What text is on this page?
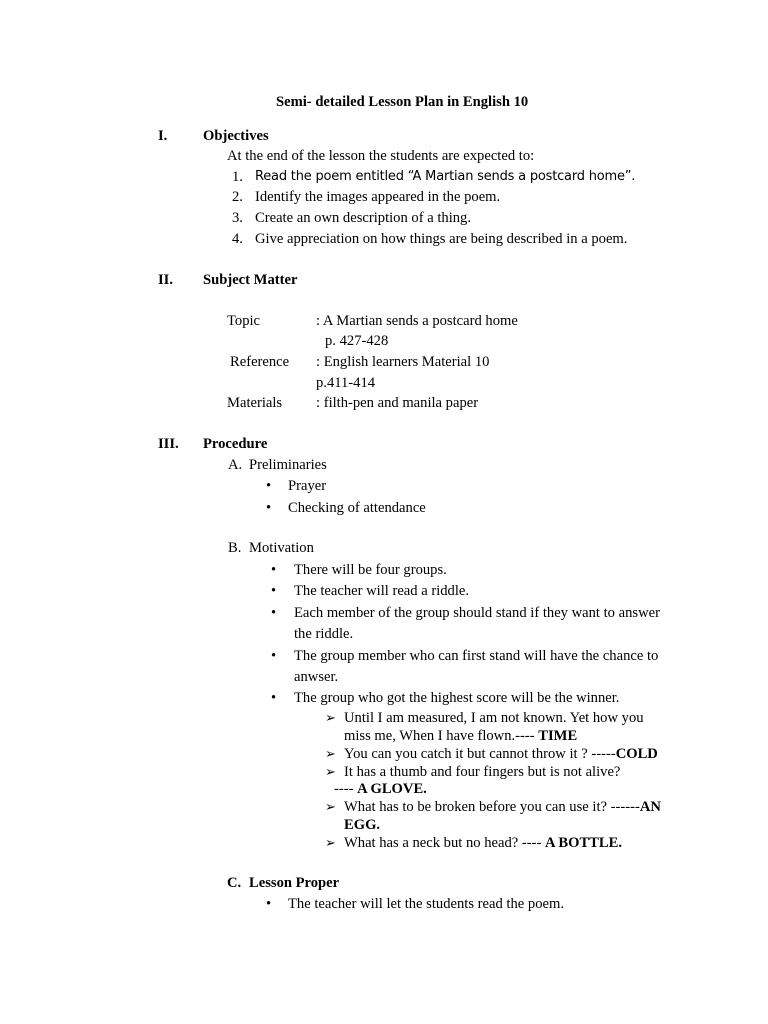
Semi- detailed Lesson Plan in English 10
I. Objectives
At the end of the lesson the students are expected to:
1. Read the poem entitled “A Martian sends a postcard home”.
2. Identify the images appeared in the poem.
3. Create an own description of a thing.
4. Give appreciation on how things are being described in a poem.
II. Subject Matter
Topic	: A Martian sends a postcard home
p. 427-428
Reference : English learners Material 10
p.411-414
Materials : filth-pen and manila paper
III. Procedure
A. Preliminaries
• Prayer
• Checking of attendance
B. Motivation
• There will be four groups.
• The teacher will read a riddle.
• Each member of the group should stand if they want to answer
the riddle.
• The group member who can first stand will have the chance to
anwser.
• The group who got the highest score will be the winner.
➢ Until I am measured, I am not known. Yet how you
miss me, When I have flown.---- TIME
➢ You can you catch it but cannot throw it ? -----COLD
➢ It has a thumb and four fingers but is not alive?
---- A GLOVE.
➢ What has to be broken before you can use it? ------AN
EGG.
➢ What has a neck but no head? ---- A BOTTLE.
C. Lesson Proper
• The teacher will let the students read the poem.
